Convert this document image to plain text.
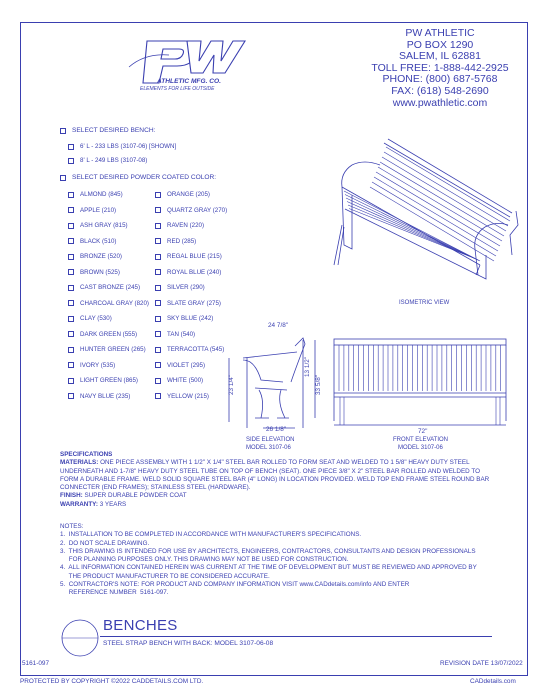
ATHLETIC MFG. CO.
ELEMENTS FOR LIFE OUTSIDE
PW ATHLETIC
PO BOX 1290
SALEM, IL 62881
TOLL FREE: 1-888-442-2925
PHONE: (800) 687-5768
FAX: (618) 548-2690
www.pwathletic.com
SELECT DESIRED BENCH:
6' L - 233 LBS (3107-06) [SHOWN]
8' L - 249 LBS (3107-08)
SELECT DESIRED POWDER COATED COLOR:
ALMOND (845)
APPLE (210)
ASH GRAY (815)
BLACK (510)
BRONZE (520)
BROWN (525)
CAST BRONZE (245)
CHARCOAL GRAY (820)
CLAY (530)
DARK GREEN (555)
HUNTER GREEN (265)
IVORY (535)
LIGHT GREEN (865)
NAVY BLUE (235)
ORANGE (205)
QUARTZ GRAY (270)
RAVEN (220)
RED (285)
REGAL BLUE (215)
ROYAL BLUE (240)
SILVER (290)
SLATE GRAY (275)
SKY BLUE (242)
TAN (540)
TERRACOTTA (545)
VIOLET (295)
WHITE (500)
YELLOW (215)
ISOMETRIC VIEW
24 7/8"
23 1/4"
13 1/2"
33 5/8"
26 1/8"
SIDE ELEVATION
MODEL 3107-06
72"
FRONT ELEVATION
MODEL 3107-06
SPECIFICATIONS
MATERIALS: ONE PIECE ASSEMBLY WITH 1 1/2" X 1/4" STEEL BAR ROLLED TO FORM SEAT AND WELDED TO 1 5/8" HEAVY DUTY STEEL UNDERNEATH AND 1-7/8" HEAVY DUTY STEEL TUBE ON TOP OF BENCH (SEAT). ONE PIECE 3/8" X 2" STEEL BAR ROLLED AND WELDED TO FORM A DURABLE FRAME. WELD SOLID SQUARE STEEL BAR (4" LONG) IN LOCATION PROVIDED. WELD TOP END FRAME STEEL ROUND BAR CONNECTER (END FRAMES); STAINLESS STEEL (HARDWARE).
FINISH: SUPER DURABLE POWDER COAT
WARRANTY: 3 YEARS
NOTES:
1.  INSTALLATION TO BE COMPLETED IN ACCORDANCE WITH MANUFACTURER'S SPECIFICATIONS.
2.  DO NOT SCALE DRAWING.
3.  THIS DRAWING IS INTENDED FOR USE BY ARCHITECTS, ENGINEERS, CONTRACTORS, CONSULTANTS AND DESIGN PROFESSIONALS
FOR PLANNING PURPOSES ONLY. THIS DRAWING MAY NOT BE USED FOR CONSTRUCTION.
4.  ALL INFORMATION CONTAINED HEREIN WAS CURRENT AT THE TIME OF DEVELOPMENT BUT MUST BE REVIEWED AND APPROVED BY
THE PRODUCT MANUFACTURER TO BE CONSIDERED ACCURATE.
5.  CONTRACTOR'S NOTE: FOR PRODUCT AND COMPANY INFORMATION VISIT www.CADdetails.com/info AND ENTER
REFERENCE NUMBER  5161-097.
BENCHES
STEEL STRAP BENCH WITH BACK: MODEL 3107-06-08
5161-097	REVISION DATE 13/07/2022
PROTECTED BY COPYRIGHT ©2022 CADDETAILS.COM LTD.	CADdetails.com
